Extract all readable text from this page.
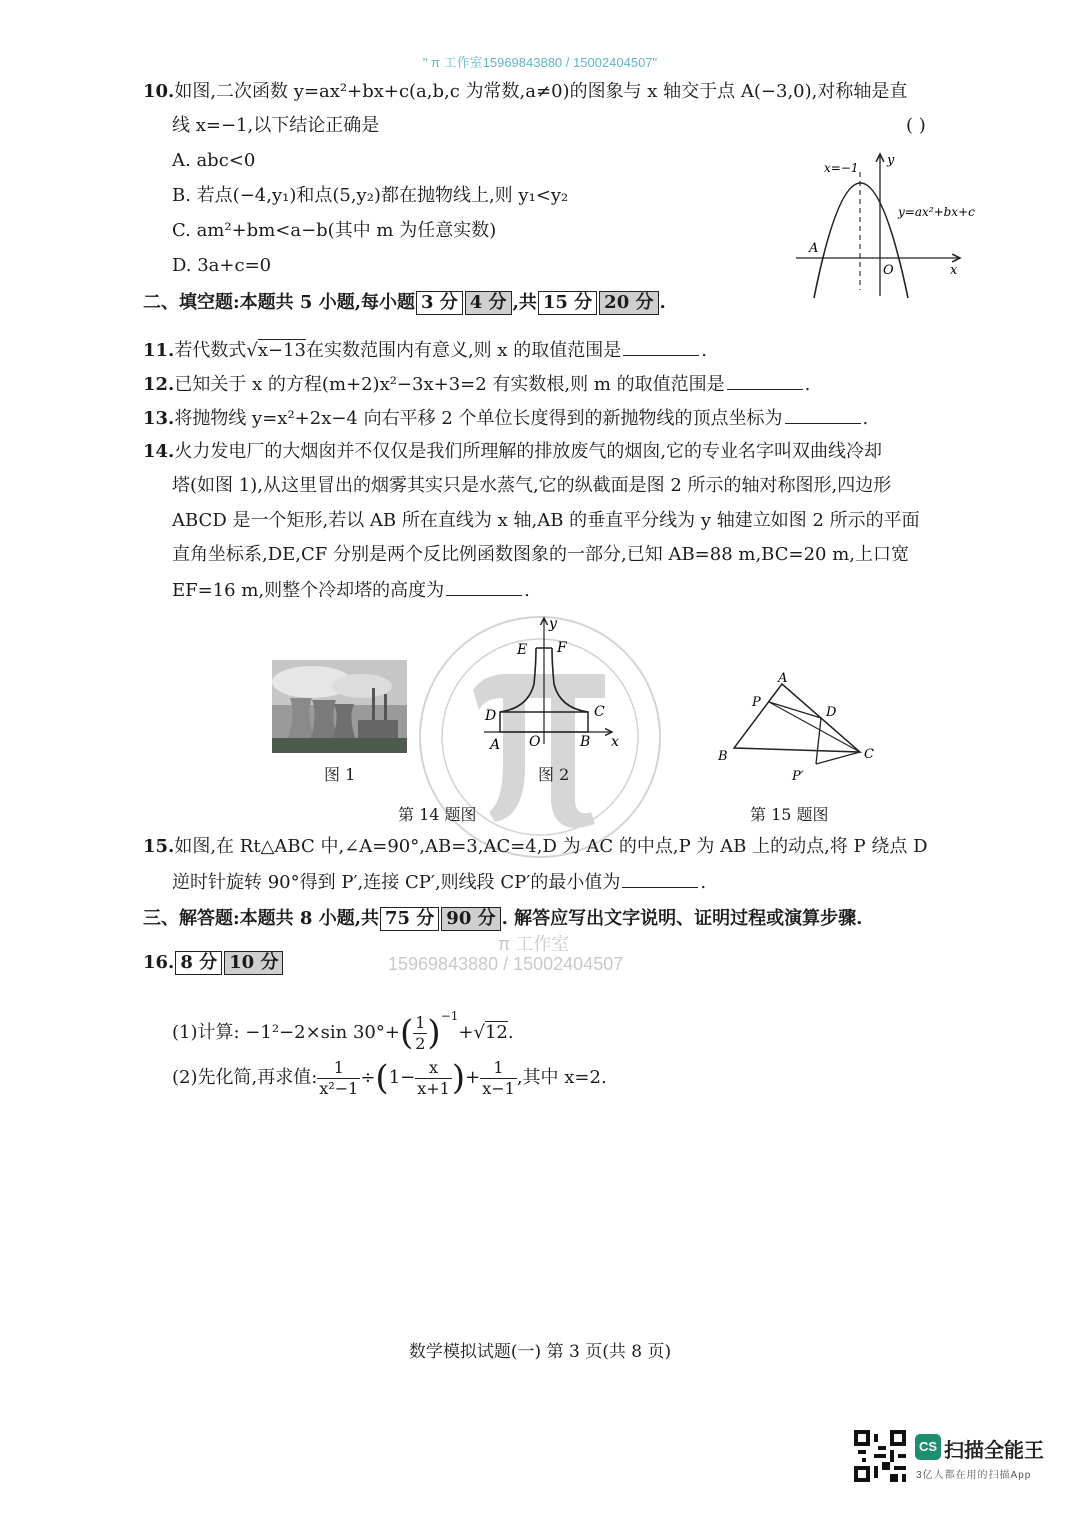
" π 工作室15969843880 / 15002404507"
10.如图,二次函数 y=ax²+bx+c(a,b,c 为常数,a≠0)的图象与 x 轴交于点 A(−3,0),对称轴是直
线 x=−1,以下结论正确是	( )
A. abc<0
B. 若点(−4,y₁)和点(5,y₂)都在抛物线上,则 y₁<y₂
C. am²+bm<a−b(其中 m 为任意实数)
D. 3a+c=0
x=−1 y
x
A
O
y=ax²+bx+c
二、填空题:本题共 5 小题,每小题 3 分 4 分 ,共 15 分 20 分 .
11.若代数式√x−13在实数范围内有意义,则 x 的取值范围是	.
12.已知关于 x 的方程(m+2)x²−3x+3=2 有实数根,则 m 的取值范围是	.
13.将抛物线 y=x²+2x−4 向右平移 2 个单位长度得到的新抛物线的顶点坐标为	.
14.火力发电厂的大烟囱并不仅仅是我们所理解的排放废气的烟囱,它的专业名字叫双曲线冷却
塔(如图 1),从这里冒出的烟雾其实只是水蒸气,它的纵截面是图 2 所示的轴对称图形,四边形
ABCD 是一个矩形,若以 AB 所在直线为 x 轴,AB 的垂直平分线为 y 轴建立如图 2 所示的平面
直角坐标系,DE,CF 分别是两个反比例函数图象的一部分,已知 AB=88 m,BC=20 m,上口宽
EF=16 m,则整个冷却塔的高度为	.
图 1
y
E F
D	C
A O	B x
图 2
第 14 题图
A
P
D
B	C
P′
第 15 题图
15.如图,在 Rt△ABC 中,∠A=90°,AB=3,AC=4,D 为 AC 的中点,P 为 AB 上的动点,将 P 绕点 D
逆时针旋转 90°得到 P′,连接 CP′,则线段 CP′的最小值为	.
三、解答题:本题共 8 小题,共 75 分 90 分 . 解答应写出文字说明、证明过程或演算步骤.
π 工作室
15969843880 / 15002404507
16. 8 分 10 分
(1)计算: −1²−2×sin $30^\circ+( \frac{1}{2} )^{-1}+√12$.
(2)先化简,再求值: $\frac{1}{\text{x²−1}} \div(1- \frac{x}{x+1}$ )+ $\frac{1}{x-1}$ ,其中 x=2.
数学模拟试题(一) 第 3 页(共 8 页)
CS 扫描全能王
3亿人都在用的扫描App
